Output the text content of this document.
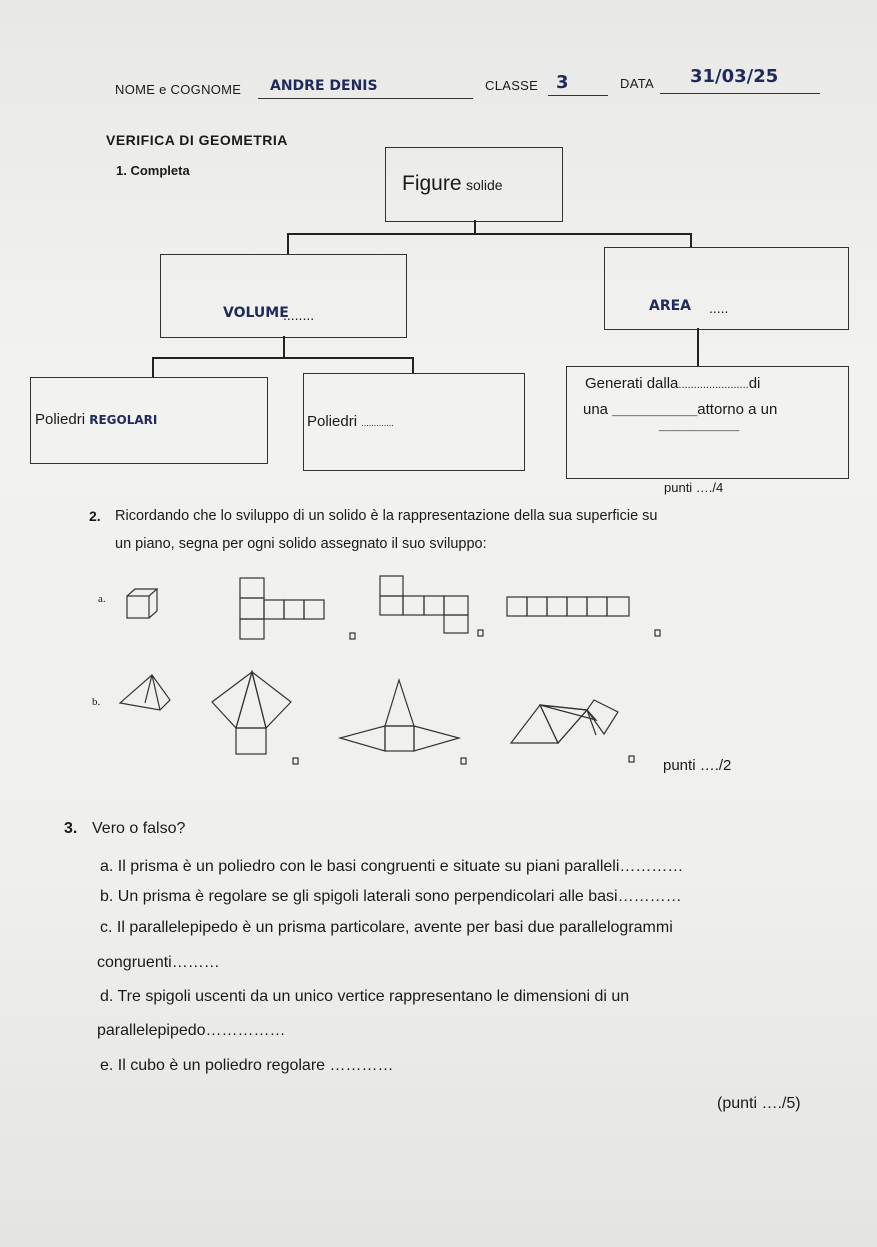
NOME e COGNOME ANDRE DENIS	CLASSE 3	DATA 31/03/25
VERIFICA DI GEOMETRIA
1. Completa
Figure solide
VOLUME
........
AREA .....
Poliedri REGOLARI	Poliedri .............
Generati dalla.......................di
una _________________attorno a un
________________
punti …./4
2. Ricordando che lo sviluppo di un solido è la rappresentazione della sua superficie su
un piano, segna per ogni solido assegnato il suo sviluppo:
a.
b.
punti …./2
3. Vero o falso?
a. Il prisma è un poliedro con le basi congruenti e situate su piani paralleli…………
b. Un prisma è regolare se gli spigoli laterali sono perpendicolari alle basi…………
c. Il parallelepipedo è un prisma particolare, avente per basi due parallelogrammi
congruenti………
d. Tre spigoli uscenti da un unico vertice rappresentano le dimensioni di un
parallelepipedo……………
e. Il cubo è un poliedro regolare …………
(punti …./5)
